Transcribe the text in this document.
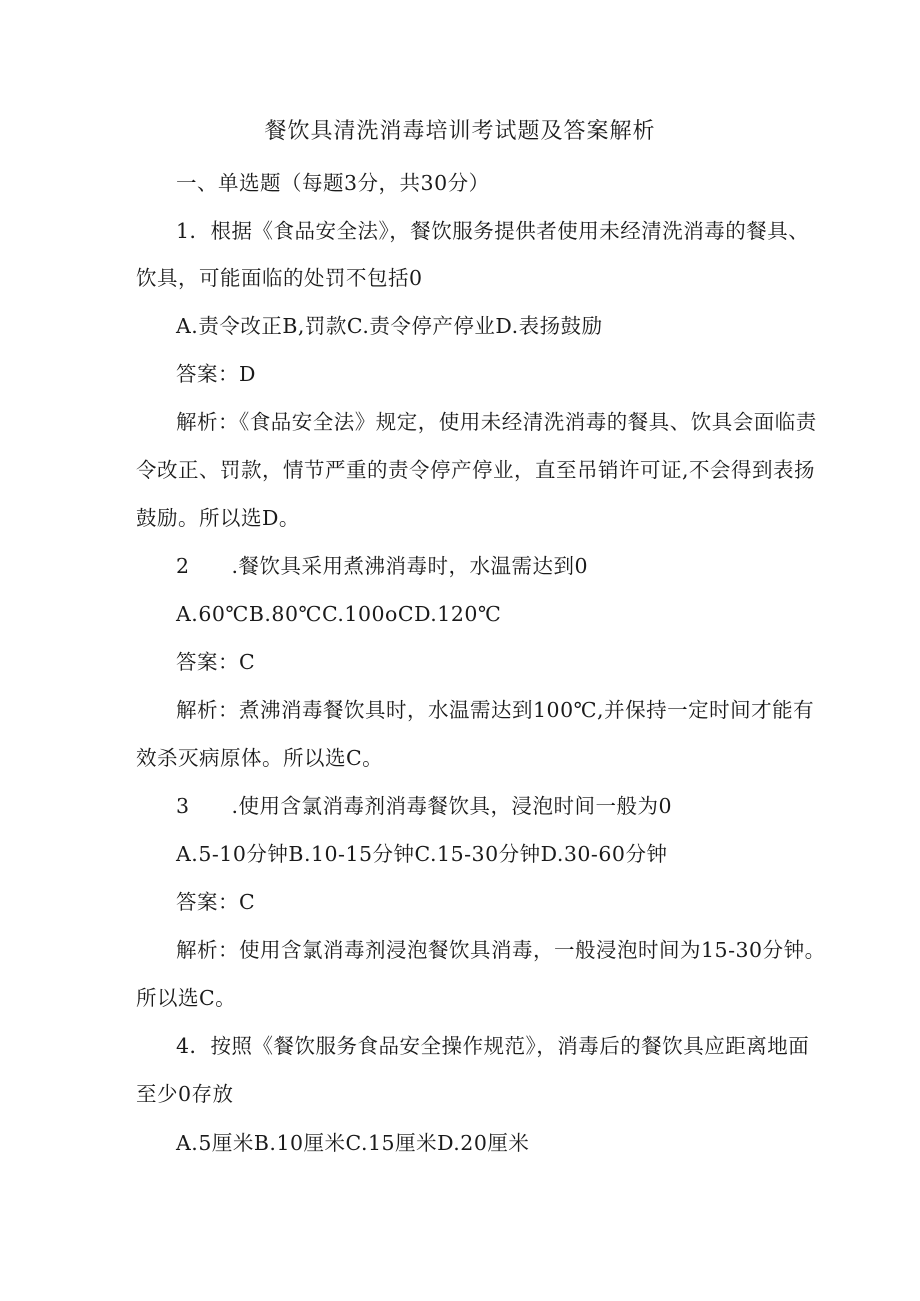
餐饮具清洗消毒培训考试题及答案解析

一、单选题（每题3分，共30分）

1．根据《食品安全法》，餐饮服务提供者使用未经清洗消毒的餐具、

饮具，可能面临的处罚不包括0

A.责令改正B,罚款C.责令停产停业D.表扬鼓励

答案：D

解析：《食品安全法》规定，使用未经清洗消毒的餐具、饮具会面临责

令改正、罚款，情节严重的责令停产停业，直至吊销许可证,不会得到表扬

鼓励。所以选D。

2　　.餐饮具采用煮沸消毒时，水温需达到0

A.60℃B.80℃C.100oCD.120℃

答案：C

解析：煮沸消毒餐饮具时，水温需达到100℃,并保持一定时间才能有

效杀灭病原体。所以选C。

3　　.使用含氯消毒剂消毒餐饮具，浸泡时间一般为0

A.5-10分钟B.10-15分钟C.15-30分钟D.30-60分钟

答案：C

解析：使用含氯消毒剂浸泡餐饮具消毒，一般浸泡时间为15-30分钟。

所以选C。

4．按照《餐饮服务食品安全操作规范》，消毒后的餐饮具应距离地面

至少0存放

A.5厘米B.10厘米C.15厘米D.20厘米
